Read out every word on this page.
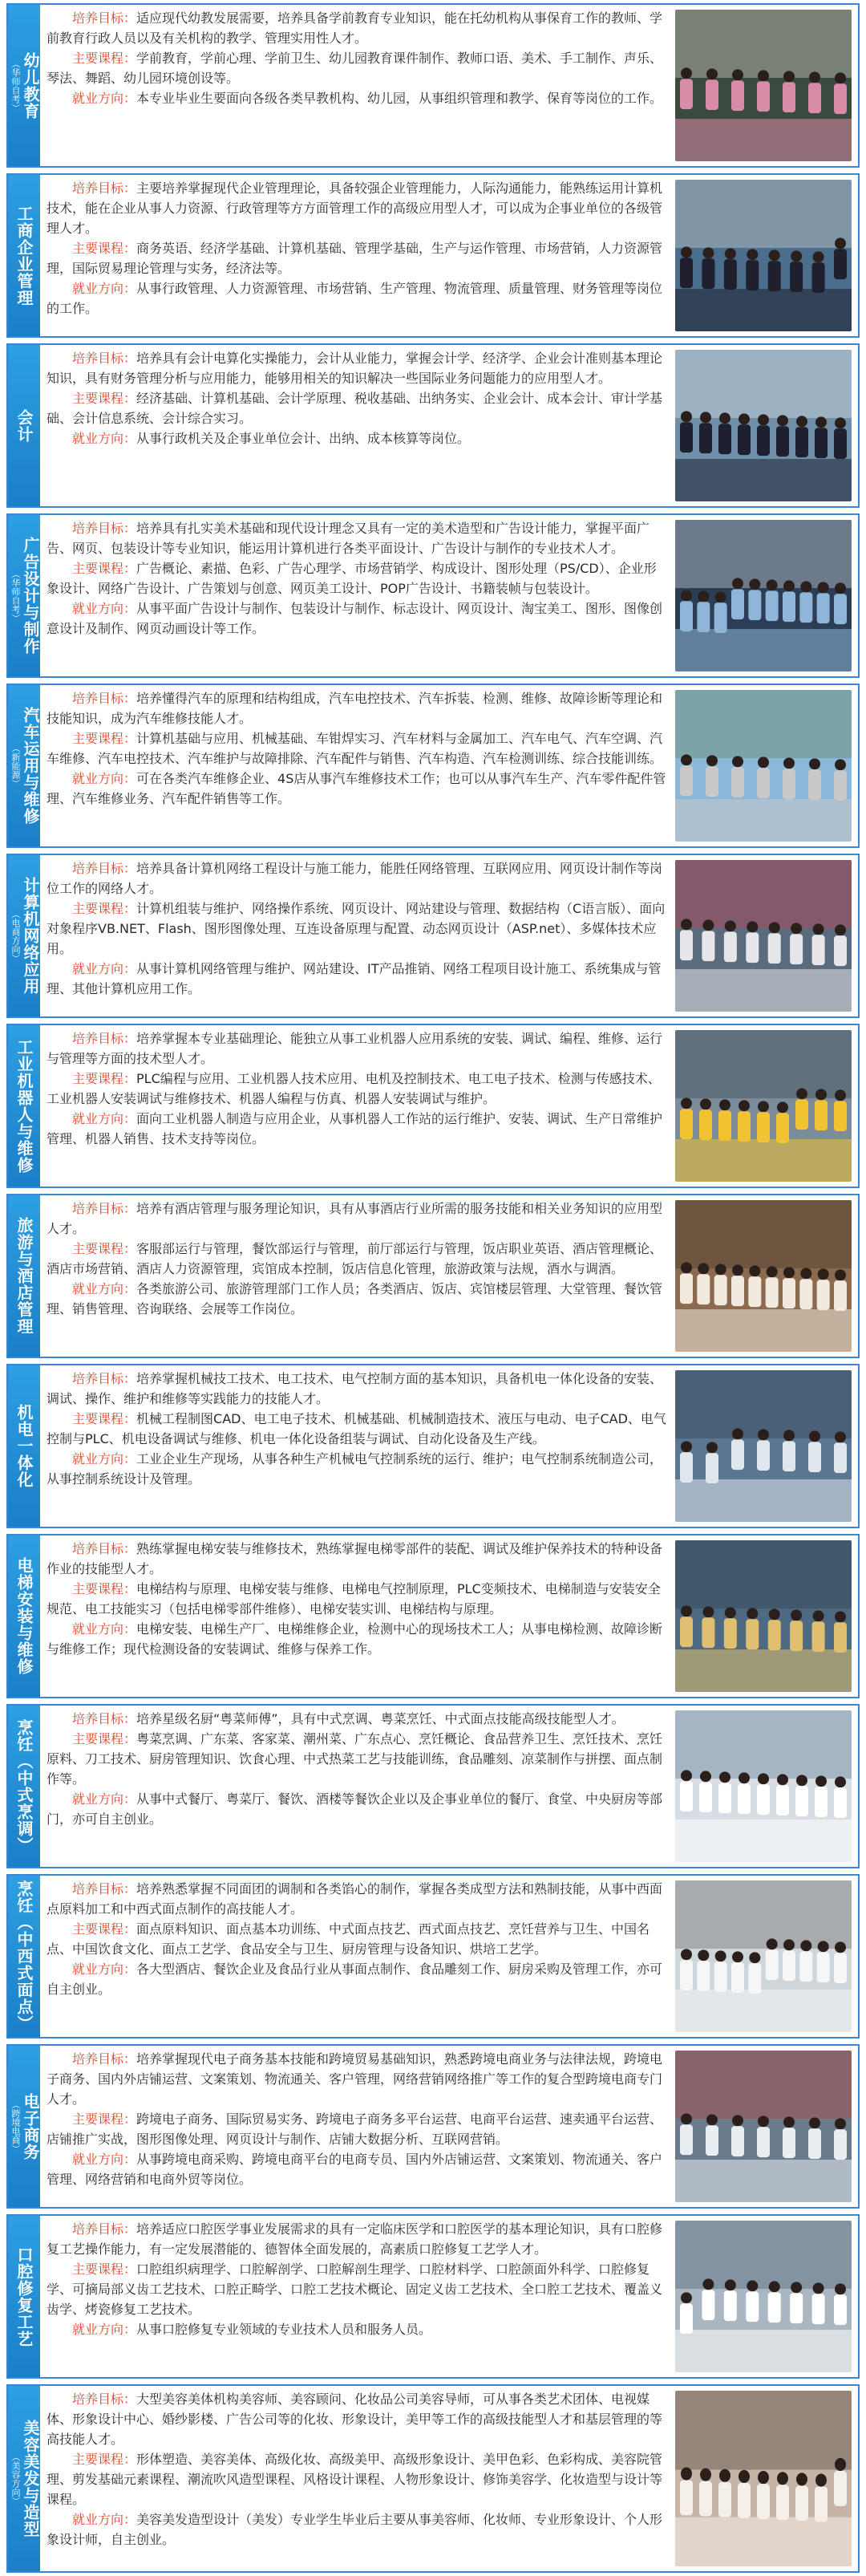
幼儿教育
（华师自考）

培养目标：适应现代幼教发展需要，培养具备学前教育专业知识，能在托幼机构从事保育工作的教师、学前教育行政人员以及有关机构的教学、管理实用性人才。

主要课程：学前教育，学前心理、学前卫生、幼儿园教育课件制作、教师口语、美术、手工制作、声乐、琴法、舞蹈、幼儿园环境创设等。

就业方向：本专业毕业生要面向各级各类早教机构、幼儿园，从事组织管理和教学、保育等岗位的工作。

工商企业管理

培养目标：主要培养掌握现代企业管理理论，具备较强企业管理能力，人际沟通能力，能熟练运用计算机技术，能在企业从事人力资源、行政管理等方方面管理工作的高级应用型人才，可以成为企事业单位的各级管理人才。

主要课程：商务英语、经济学基础、计算机基础、管理学基础，生产与运作管理、市场营销，人力资源管理，国际贸易理论管理与实务，经济法等。

就业方向：从事行政管理、人力资源管理、市场营销、生产管理、物流管理、质量管理、财务管理等岗位的工作。

会计

培养目标：培养具有会计电算化实操能力，会计从业能力，掌握会计学、经济学、企业会计准则基本理论知识，具有财务管理分析与应用能力，能够用相关的知识解决一些国际业务问题能力的应用型人才。

主要课程：经济基础、计算机基础、会计学原理、税收基础、出纳务实、企业会计、成本会计、审计学基础、会计信息系统、会计综合实习。

就业方向：从事行政机关及企事业单位会计、出纳、成本核算等岗位。

广告设计与制作
（华师自考）

培养目标：培养具有扎实美术基础和现代设计理念又具有一定的美术造型和广告设计能力，掌握平面广告、网页、包装设计等专业知识，能运用计算机进行各类平面设计、广告设计与制作的专业技术人才。

主要课程：广告概论、素描、色彩、广告心理学、市场营销学、构成设计、图形处理（PS/CD）、企业形象设计、网络广告设计、广告策划与创意、网页美工设计、POP广告设计、书籍装帧与包装设计。

就业方向：从事平面广告设计与制作、包装设计与制作、标志设计、网页设计、淘宝美工、图形、图像创意设计及制作、网页动画设计等工作。

汽车运用与维修
（新能源）

培养目标：培养懂得汽车的原理和结构组成，汽车电控技术、汽车拆装、检测、维修、故障诊断等理论和技能知识，成为汽车维修技能人才。

主要课程：计算机基础与应用、机械基础、车钳焊实习、汽车材料与金属加工、汽车电气、汽车空调、汽车维修、汽车电控技术、汽车维护与故障排除、汽车配件与销售、汽车构造、汽车检测训练、综合技能训练。

就业方向：可在各类汽车维修企业、4S店从事汽车维修技术工作；也可以从事汽车生产、汽车零件配件管理、汽车维修业务、汽车配件销售等工作。

计算机网络应用
（电商方向）

培养目标：培养具备计算机网络工程设计与施工能力，能胜任网络管理、互联网应用、网页设计制作等岗位工作的网络人才。

主要课程：计算机组装与维护、网络操作系统、网页设计、网站建设与管理、数据结构（C语言版）、面向对象程序VB.NET、Flash、图形图像处理、互连设备原理与配置、动态网页设计（ASP.net）、多媒体技术应用。

就业方向：从事计算机网络管理与维护、网站建设、IT产品推销、网络工程项目设计施工、系统集成与管理、其他计算机应用工作。

工业机器人与维修	培养目标：培养掌握本专业基础理论、能独立从事工业机器人应用系统的安装、调试、编程、维修、运行与管理等方面的技术型人才。

主要课程：PLC编程与应用、工业机器人技术应用、电机及控制技术、电工电子技术、检测与传感技术、工业机器人安装调试与维修技术、机器人编程与仿真、机器人安装调试与维护。

就业方向：面向工业机器人制造与应用企业，从事机器人工作站的运行维护、安装、调试、生产日常维护管理、机器人销售、技术支持等岗位。

旅游与酒店管理

培养目标：培养有酒店管理与服务理论知识，具有从事酒店行业所需的服务技能和相关业务知识的应用型人才。

主要课程：客服部运行与管理，餐饮部运行与管理，前厅部运行与管理，饭店职业英语、酒店管理概论、酒店市场营销、酒店人力资源管理，宾馆成本控制，饭店信息化管理，旅游政策与法规，酒水与调酒。

就业方向：各类旅游公司、旅游管理部门工作人员；各类酒店、饭店、宾馆楼层管理、大堂管理、餐饮管理、销售管理、咨询联络、会展等工作岗位。

机电一体化

培养目标：培养掌握机械技工技术、电工技术、电气控制方面的基本知识，具备机电一体化设备的安装、调试、操作、维护和维修等实践能力的技能人才。

主要课程：机械工程制图CAD、电工电子技术、机械基础、机械制造技术、液压与电动、电子CAD、电气控制与PLC、机电设备调试与维修、机电一体化设备组装与调试、自动化设备及生产线。

就业方向：工业企业生产现场，从事各种生产机械电气控制系统的运行、维护；电气控制系统制造公司，从事控制系统设计及管理。

电梯安装与维修

培养目标：熟练掌握电梯安装与维修技术，熟练掌握电梯零部件的装配、调试及维护保养技术的特种设备作业的技能型人才。

主要课程：电梯结构与原理、电梯安装与维修、电梯电气控制原理，PLC变频技术、电梯制造与安装安全规范、电工技能实习（包括电梯零部件维修）、电梯安装实训、电梯结构与原理。

就业方向：电梯安装、电梯生产厂、电梯维修企业，检测中心的现场技术工人；从事电梯检测、故障诊断与维修工作；现代检测设备的安装调试、维修与保养工作。

烹饪（中式烹调）	培养目标：培养星级名厨“粤菜师傅”，具有中式烹调、粤菜烹饪、中式面点技能高级技能型人才。

主要课程：粤菜烹调、广东菜、客家菜、潮州菜、广东点心、烹饪概论、食品营养卫生、烹饪技术、烹饪原料、刀工技术、厨房管理知识、饮食心理、中式热菜工艺与技能训练，食品雕刻、凉菜制作与拼摆、面点制作等。

就业方向：从事中式餐厅、粤菜厅、餐饮、酒楼等餐饮企业以及企事业单位的餐厅、食堂、中央厨房等部门，亦可自主创业。

烹饪（中西式面点）	培养目标：培养熟悉掌握不同面团的调制和各类馅心的制作，掌握各类成型方法和熟制技能，从事中西面点原料加工和中西式面点制作的高技能人才。

主要课程：面点原料知识、面点基本功训练、中式面点技艺、西式面点技艺、烹饪营养与卫生、中国名点、中国饮食文化、面点工艺学、食品安全与卫生、厨房管理与设备知识、烘培工艺学。

就业方向：各大型酒店、餐饮企业及食品行业从事面点制作、食品雕刻工作、厨房采购及管理工作，亦可自主创业。

电子商务
（跨境电商）

培养目标：培养掌握现代电子商务基本技能和跨境贸易基础知识，熟悉跨境电商业务与法律法规，跨境电子商务、国内外店铺运营、文案策划、物流通关、客户管理，网络营销网络推广等工作的复合型跨境电商专门人才。

主要课程：跨境电子商务、国际贸易实务、跨境电子商务多平台运营、电商平台运营、速卖通平台运营、店铺推广实战，图形图像处理、网页设计与制作、店铺大数据分析、互联网营销。

就业方向：从事跨境电商采购、跨境电商平台的电商专员、国内外店铺运营、文案策划、物流通关、客户管理、网络营销和电商外贸等岗位。

口腔修复工艺

培养目标：培养适应口腔医学事业发展需求的具有一定临床医学和口腔医学的基本理论知识，具有口腔修复工艺操作能力，有一定发展潜能的、德智体全面发展的，高素质口腔修复工艺学人才。

主要课程：口腔组织病理学、口腔解剖学、口腔解剖生理学、口腔材料学、口腔颌面外科学、口腔修复学、可摘局部义齿工艺技术、口腔正畸学、口腔工艺技术概论、固定义齿工艺技术、全口腔工艺技术、覆盖义齿学、烤瓷修复工艺技术。

就业方向：从事口腔修复专业领域的专业技术人员和服务人员。

美容美发与造型
（美容方向）

培养目标：大型美容美体机构美容师、美容顾问、化妆品公司美容导师，可从事各类艺术团体、电视媒体、形象设计中心、婚纱影楼、广告公司等的化妆、形象设计，美甲等工作的高级技能型人才和基层管理的等高技能人才。

主要课程：形体塑造、美容美体、高级化妆、高级美甲、高级形象设计、美甲色彩、色彩构成、美容院管理、剪发基础元素课程、潮流吹风造型课程、风格设计课程、人物形象设计、修饰美容学、化妆造型与设计等课程。

就业方向：美容美发造型设计（美发）专业学生毕业后主要从事美容师、化妆师、专业形象设计、个人形象设计师，自主创业。
